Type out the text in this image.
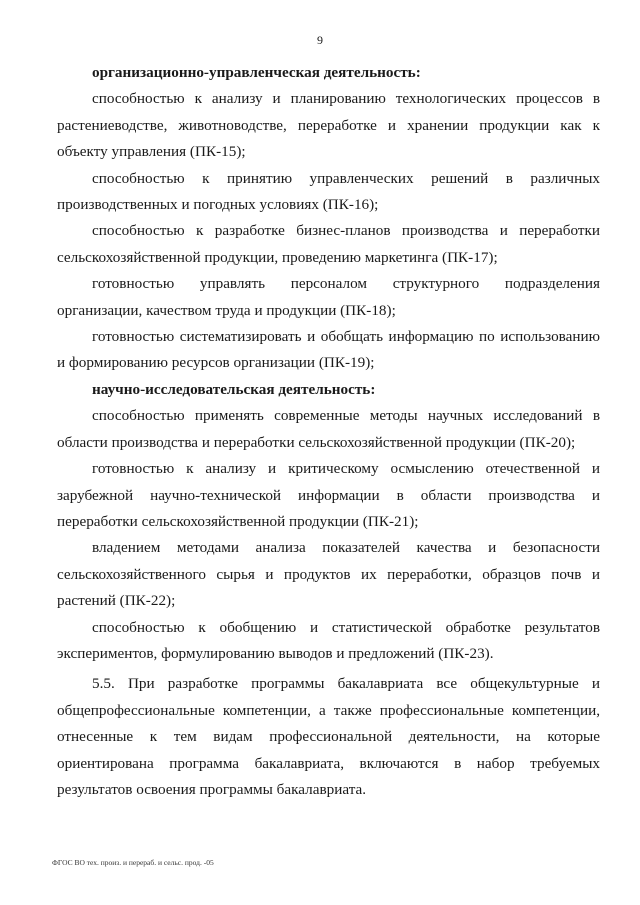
9

организационно-управленческая деятельность:

способностью к анализу и планированию технологических процессов в растениеводстве, животноводстве, переработке и хранении продукции как к объекту управления (ПК-15);

способностью к принятию управленческих решений в различных производственных и погодных условиях (ПК-16);

способностью к разработке бизнес-планов производства и переработки сельскохозяйственной продукции, проведению маркетинга (ПК-17);

готовностью управлять персоналом структурного подразделения организации, качеством труда и продукции (ПК-18);

готовностью систематизировать и обобщать информацию по использованию и формированию ресурсов организации (ПК-19);

научно-исследовательская деятельность:

способностью применять современные методы научных исследований в области производства и переработки сельскохозяйственной продукции (ПК-20);

готовностью к анализу и критическому осмыслению отечественной и зарубежной научно-технической информации в области производства и переработки сельскохозяйственной продукции (ПК-21);

владением методами анализа показателей качества и безопасности сельскохозяйственного сырья и продуктов их переработки, образцов почв и растений (ПК-22);

способностью к обобщению и статистической обработке результатов экспериментов, формулированию выводов и предложений (ПК-23).

5.5. При разработке программы бакалавриата все общекультурные и общепрофессиональные компетенции, а также профессиональные компетенции, отнесенные к тем видам профессиональной деятельности, на которые ориентирована программа бакалавриата, включаются в набор требуемых результатов освоения программы бакалавриата.

ФГОС ВО тех. произ. и перераб. и сельс. прод. -05
